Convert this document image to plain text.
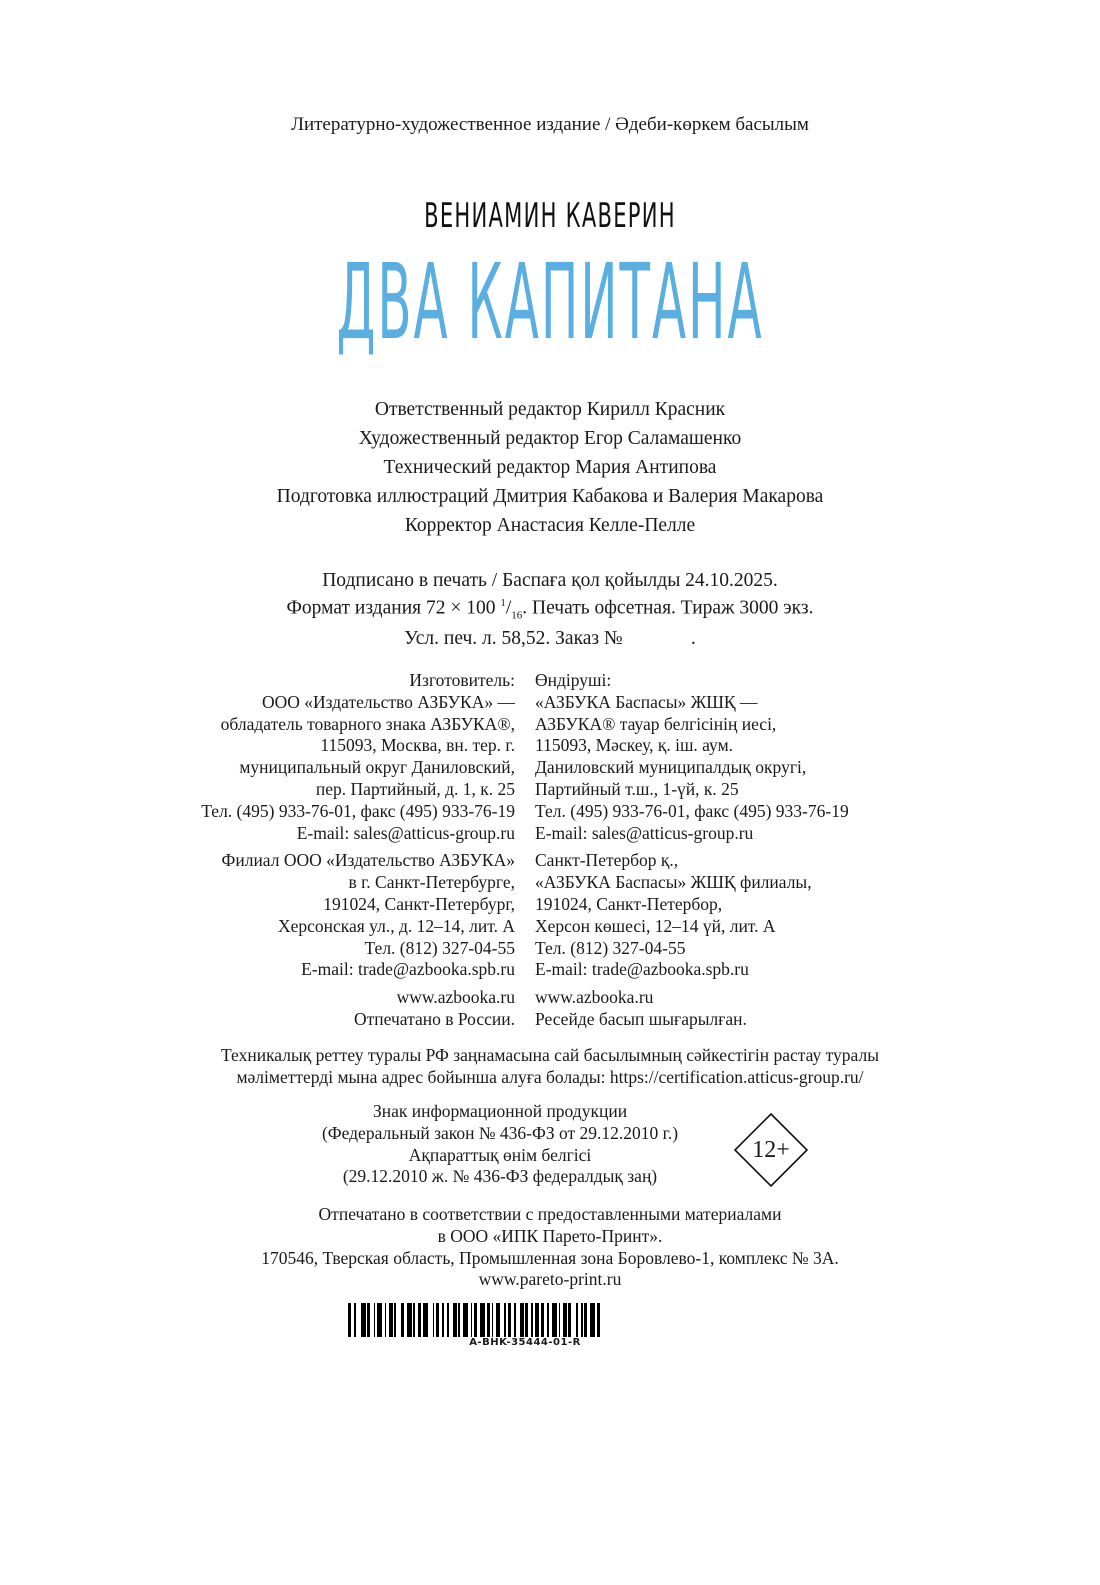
Литературно-художественное издание / Әдеби-көркем басылым
ВЕНИАМИН КАВЕРИН
ДВА КАПИТАНА
Ответственный редактор Кирилл Красник
Художественный редактор Егор Саламашенко
Технический редактор Мария Антипова
Подготовка иллюстраций Дмитрия Кабакова и Валерия Макарова
Корректор Анастасия Келле-Пелле
Подписано в печать / Баспаға қол қойылды 24.10.2025.
Формат издания 72 × 100 $^1/_{16}$. Печать офсетная. Тираж 3000 экз.
Усл. печ. л. 58,52. Заказ №              .
Изготовитель:
ООО «Издательство АЗБУКА» —
обладатель товарного знака АЗБУКА®,
115093, Москва, вн. тер. г.
муниципальный округ Даниловский,
пер. Партийный, д. 1, к. 25
Тел. (495) 933-76-01, факс (495) 933-76-19
E-mail: sales@atticus-group.ru
Филиал ООО «Издательство АЗБУКА»
в г. Санкт-Петербурге,
191024, Санкт-Петербург,
Херсонская ул., д. 12–14, лит. А
Тел. (812) 327-04-55
E-mail: trade@azbooka.spb.ru
www.azbooka.ru
Отпечатано в России.
Өндіруші:
«АЗБУКА Баспасы» ЖШҚ —
АЗБУКА® тауар белгісінің иесі,
115093, Мәскеу, қ. іш. аум.
Даниловский муниципалдық округі,
Партийный т.ш., 1-үй, к. 25
Тел. (495) 933-76-01, факс (495) 933-76-19
E-mail: sales@atticus-group.ru
Санкт-Петербор қ.,
«АЗБУКА Баспасы» ЖШҚ филиалы,
191024, Санкт-Петербор,
Херсон көшесі, 12–14 үй, лит. А
Тел. (812) 327-04-55
E-mail: trade@azbooka.spb.ru
www.azbooka.ru
Ресейде басып шығарылған.
Техникалық реттеу туралы РФ заңнамасына сай басылымның сәйкестігін растау туралы
мәліметтерді мына адрес бойынша алуға болады: https://certification.atticus-group.ru/
Знак информационной продукции
(Федеральный закон № 436-ФЗ от 29.12.2010 г.)
Ақпараттық өнім белгісі
(29.12.2010 ж. № 436-ФЗ федералдық заң)
12+
Отпечатано в соответствии с предоставленными материалами
в ООО «ИПК Парето-Принт».
170546, Тверская область, Промышленная зона Боровлево-1, комплекс № 3А.
www.pareto-print.ru
A-BHK-35444-01-R
